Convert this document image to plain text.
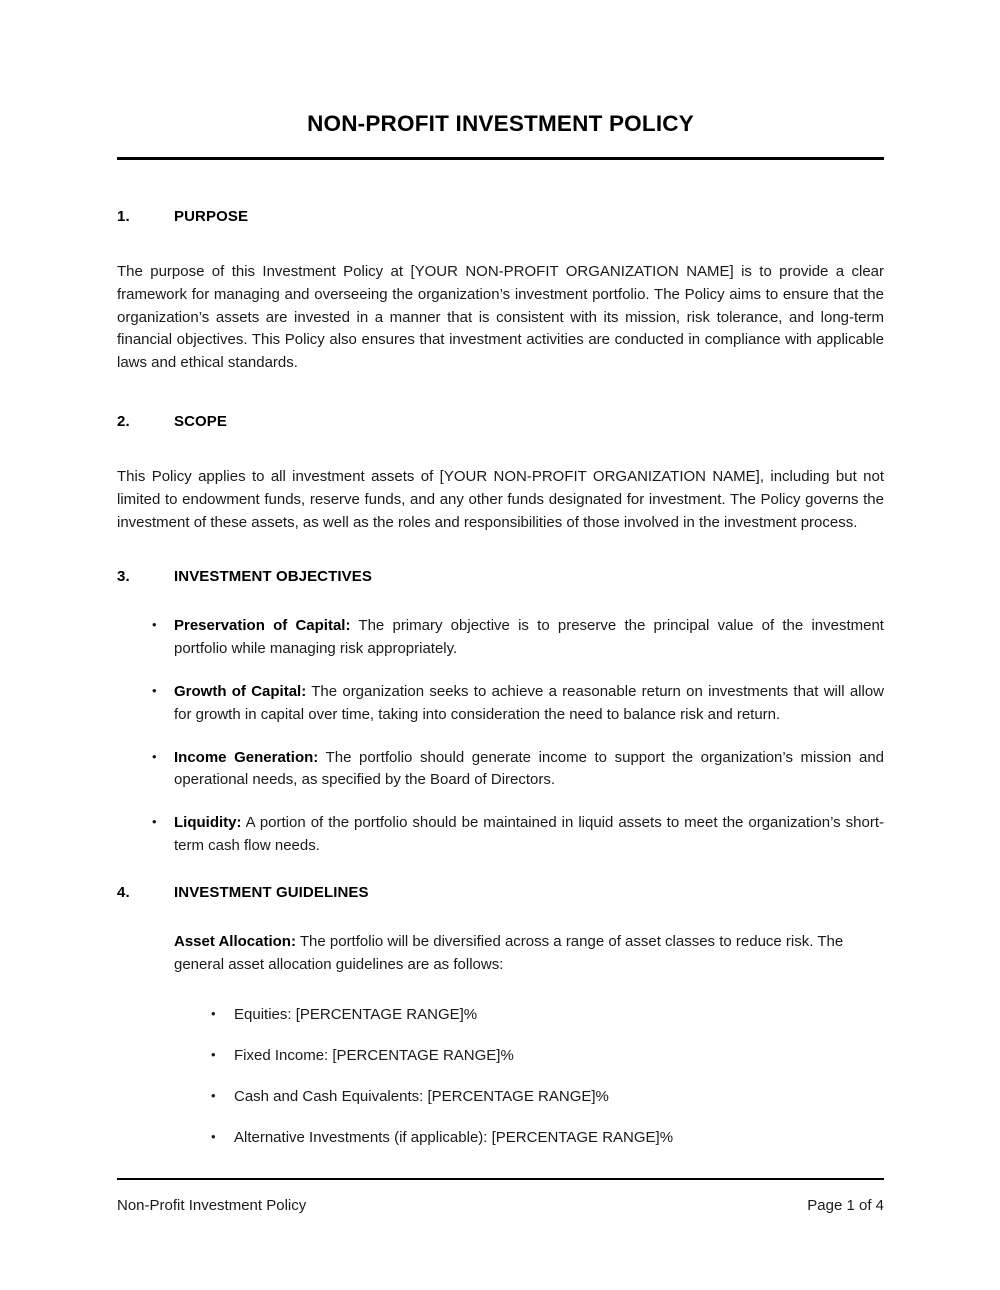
NON-PROFIT INVESTMENT POLICY
1.	PURPOSE

The purpose of this Investment Policy at [YOUR NON-PROFIT ORGANIZATION NAME] is to provide a clear framework for managing and overseeing the organization’s investment portfolio. The Policy aims to ensure that the organization’s assets are invested in a manner that is consistent with its mission, risk tolerance, and long-term financial objectives. This Policy also ensures that investment activities are conducted in compliance with applicable laws and ethical standards.

2.	SCOPE

This Policy applies to all investment assets of [YOUR NON-PROFIT ORGANIZATION NAME], including but not limited to endowment funds, reserve funds, and any other funds designated for investment. The Policy governs the investment of these assets, as well as the roles and responsibilities of those involved in the investment process.

3.	INVESTMENT OBJECTIVES
• Preservation of Capital: The primary objective is to preserve the principal value of the investment portfolio while managing risk appropriately.
• Growth of Capital: The organization seeks to achieve a reasonable return on investments that will allow for growth in capital over time, taking into consideration the need to balance risk and return.
• Income Generation: The portfolio should generate income to support the organization’s mission and operational needs, as specified by the Board of Directors.
• Liquidity: A portion of the portfolio should be maintained in liquid assets to meet the organization’s short-term cash flow needs.
4.	INVESTMENT GUIDELINES

Asset Allocation: The portfolio will be diversified across a range of asset classes to reduce risk. The general asset allocation guidelines are as follows:

• Equities: [PERCENTAGE RANGE]%
• Fixed Income: [PERCENTAGE RANGE]%
• Cash and Cash Equivalents: [PERCENTAGE RANGE]%
• Alternative Investments (if applicable): [PERCENTAGE RANGE]%
Non-Profit Investment Policy	Page 1 of 4
